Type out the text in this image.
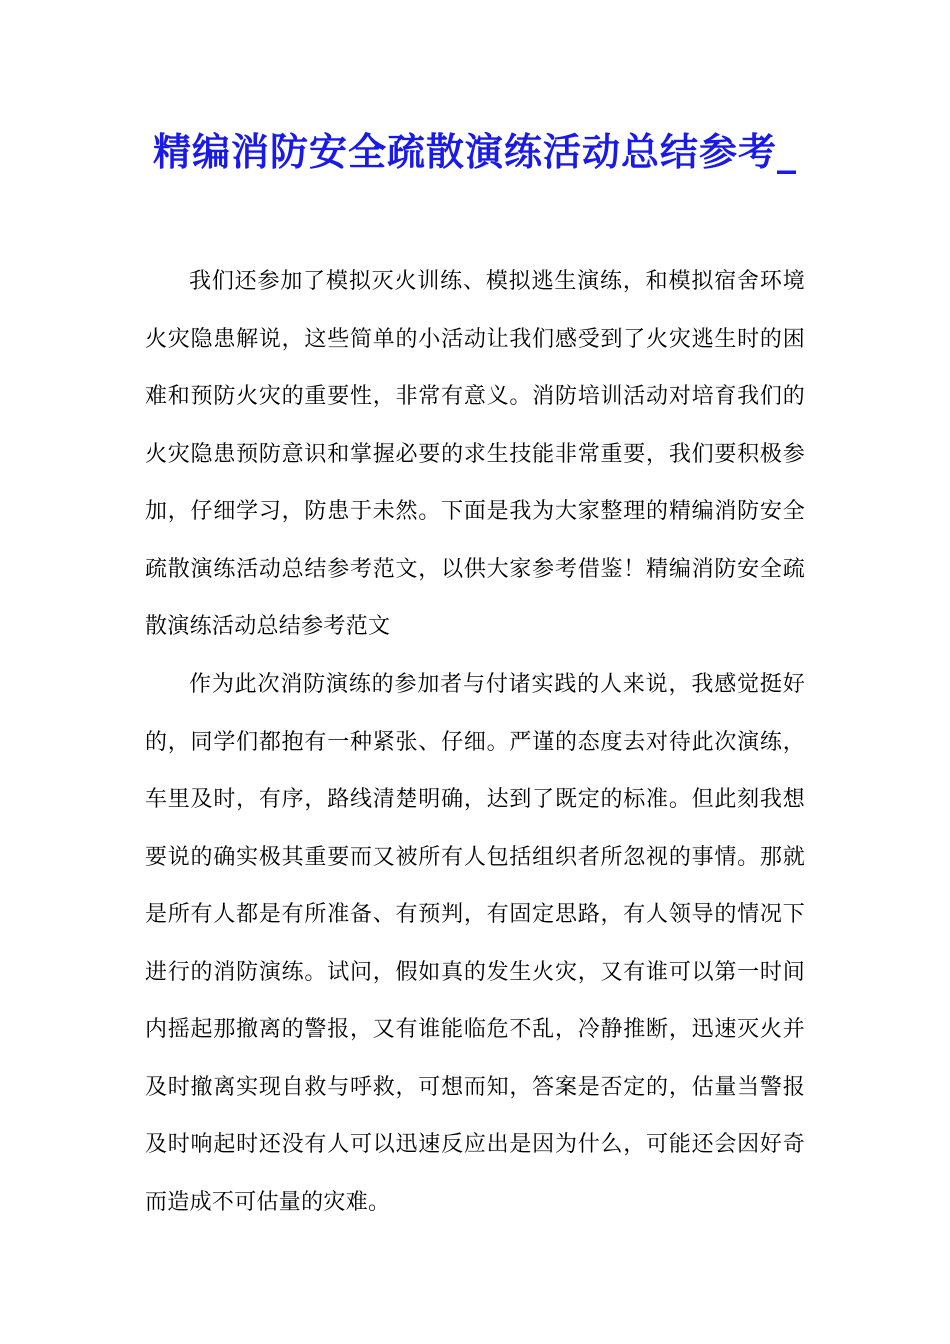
精编消防安全疏散演练活动总结参考_

我们还参加了模拟灭火训练、模拟逃生演练，和模拟宿舍环境火灾隐患解说，这些简单的小活动让我们感受到了火灾逃生时的困难和预防火灾的重要性，非常有意义。消防培训活动对培育我们的火灾隐患预防意识和掌握必要的求生技能非常重要，我们要积极参加，仔细学习，防患于未然。下面是我为大家整理的精编消防安全疏散演练活动总结参考范文，以供大家参考借鉴！精编消防安全疏散演练活动总结参考范文

作为此次消防演练的参加者与付诸实践的人来说，我感觉挺好的，同学们都抱有一种紧张、仔细。严谨的态度去对待此次演练，车里及时，有序，路线清楚明确，达到了既定的标准。但此刻我想要说的确实极其重要而又被所有人包括组织者所忽视的事情。那就是所有人都是有所准备、有预判，有固定思路，有人领导的情况下进行的消防演练。试问，假如真的发生火灾，又有谁可以第一时间内摇起那撤离的警报，又有谁能临危不乱，冷静推断，迅速灭火并及时撤离实现自救与呼救，可想而知，答案是否定的，估量当警报及时响起时还没有人可以迅速反应出是因为什么，可能还会因好奇而造成不可估量的灾难。
